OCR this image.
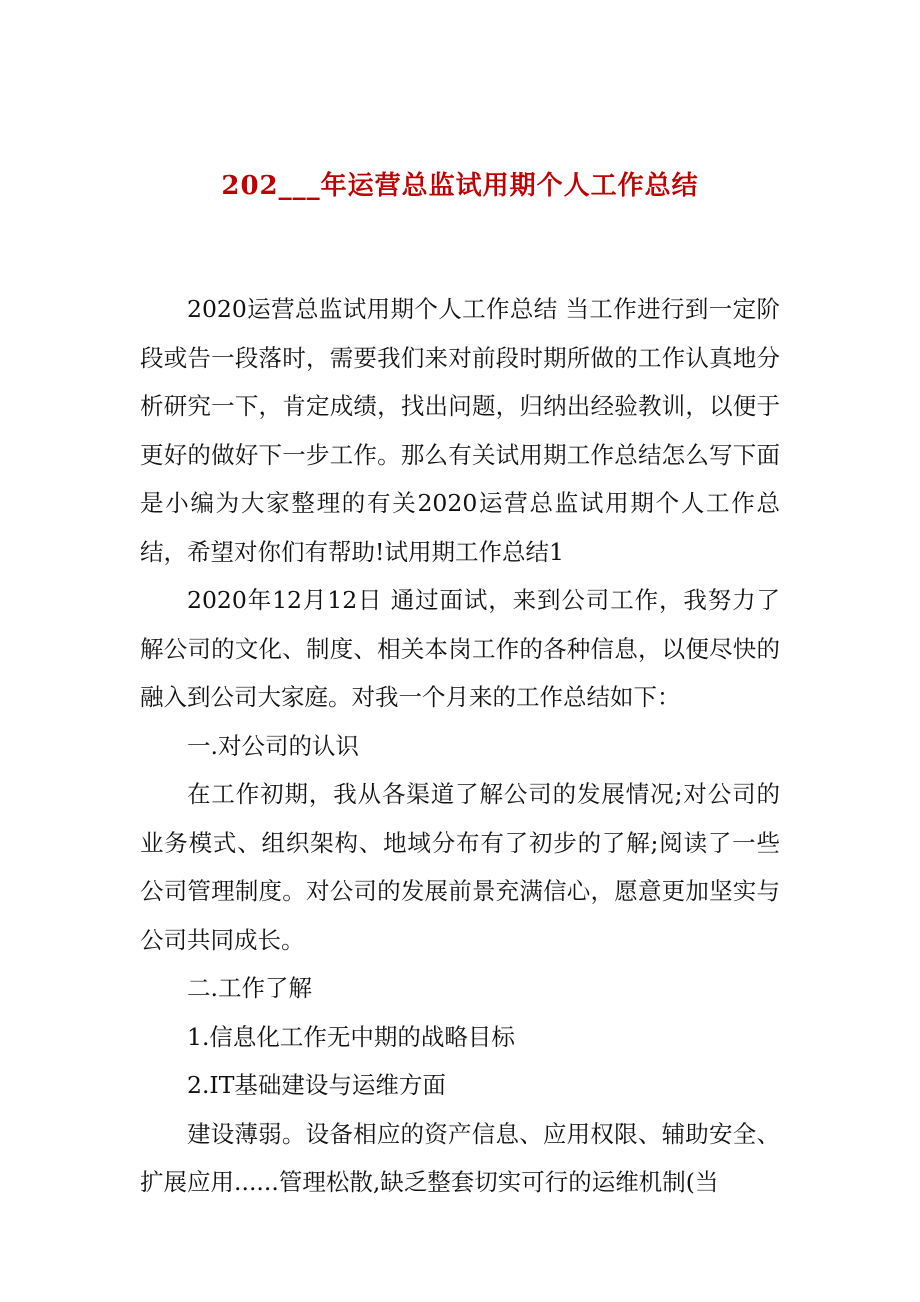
202___年运营总监试用期个人工作总结

2020运营总监试用期个人工作总结 当工作进行到一定阶段或告一段落时，需要我们来对前段时期所做的工作认真地分析研究一下，肯定成绩，找出问题，归纳出经验教训，以便于更好的做好下一步工作。那么有关试用期工作总结怎么写下面是小编为大家整理的有关2020运营总监试用期个人工作总结，希望对你们有帮助!试用期工作总结1

2020年12月12日 通过面试，来到公司工作，我努力了解公司的文化、制度、相关本岗工作的各种信息，以便尽快的融入到公司大家庭。对我一个月来的工作总结如下：

一.对公司的认识

在工作初期，我从各渠道了解公司的发展情况;对公司的业务模式、组织架构、地域分布有了初步的了解;阅读了一些公司管理制度。对公司的发展前景充满信心，愿意更加坚实与公司共同成长。

二.工作了解

1.信息化工作无中期的战略目标

2.IT基础建设与运维方面

建设薄弱。设备相应的资产信息、应用权限、辅助安全、扩展应用......管理松散,缺乏整套切实可行的运维机制(当
